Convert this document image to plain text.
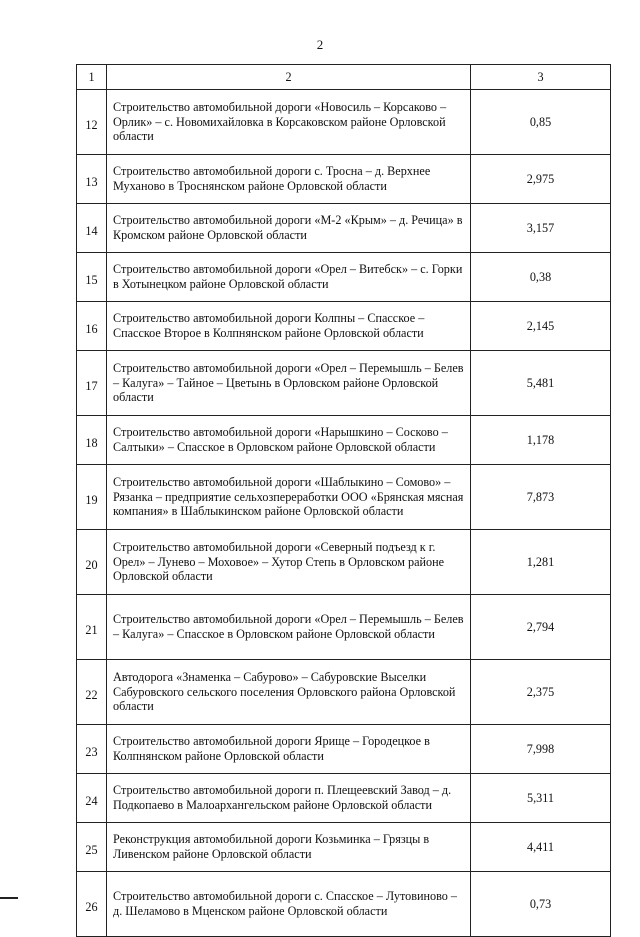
2
1	2	3
12	Строительство автомобильной дороги «Новосиль – Корсаково – Орлик» – с. Новомихайловка в Корсаковском районе Орловской области	0,85
13	Строительство автомобильной дороги с. Тросна – д. Верхнее Муханово в Троснянском районе Орловской области	2,975
14	Строительство автомобильной дороги «М-2 «Крым» – д. Речица» в Кромском районе Орловской области	3,157
15	Строительство автомобильной дороги «Орел – Витебск» – с. Горки в Хотынецком районе Орловской области	0,38
16	Строительство автомобильной дороги Колпны – Спасское – Спасское Второе в Колпнянском районе Орловской области	2,145
17	Строительство автомобильной дороги «Орел – Перемышль – Белев – Калуга» – Тайное – Цветынь в Орловском районе Орловской области	5,481
18	Строительство автомобильной дороги «Нарышкино – Сосково – Салтыки» – Спасское в Орловском районе Орловской области	1,178
19	Строительство автомобильной дороги «Шаблыкино – Сомово» – Рязанка – предприятие сельхозпереработки ООО «Брянская мясная компания» в Шаблыкинском районе Орловской области	7,873
20	Строительство автомобильной дороги «Северный подъезд к г. Орел» – Лунево – Моховое» – Хутор Степь в Орловском районе Орловской области	1,281
21	Строительство автомобильной дороги «Орел – Перемышль – Белев – Калуга» – Спасское в Орловском районе Орловской области	2,794
22	Автодорога «Знаменка – Сабурово» – Сабуровские Выселки Сабуровского сельского поселения Орловского района Орловской области	2,375
23	Строительство автомобильной дороги Ярище – Городецкое в Колпнянском районе Орловской области	7,998
24	Строительство автомобильной дороги п. Плещеевский Завод – д. Подкопаево в Малоархангельском районе Орловской области	5,311
25	Реконструкция автомобильной дороги Козьминка – Грязцы в Ливенском районе Орловской области	4,411
26	Строительство автомобильной дороги с. Спасское – Лутовиново – д. Шеламово в Мценском районе Орловской области	0,73
